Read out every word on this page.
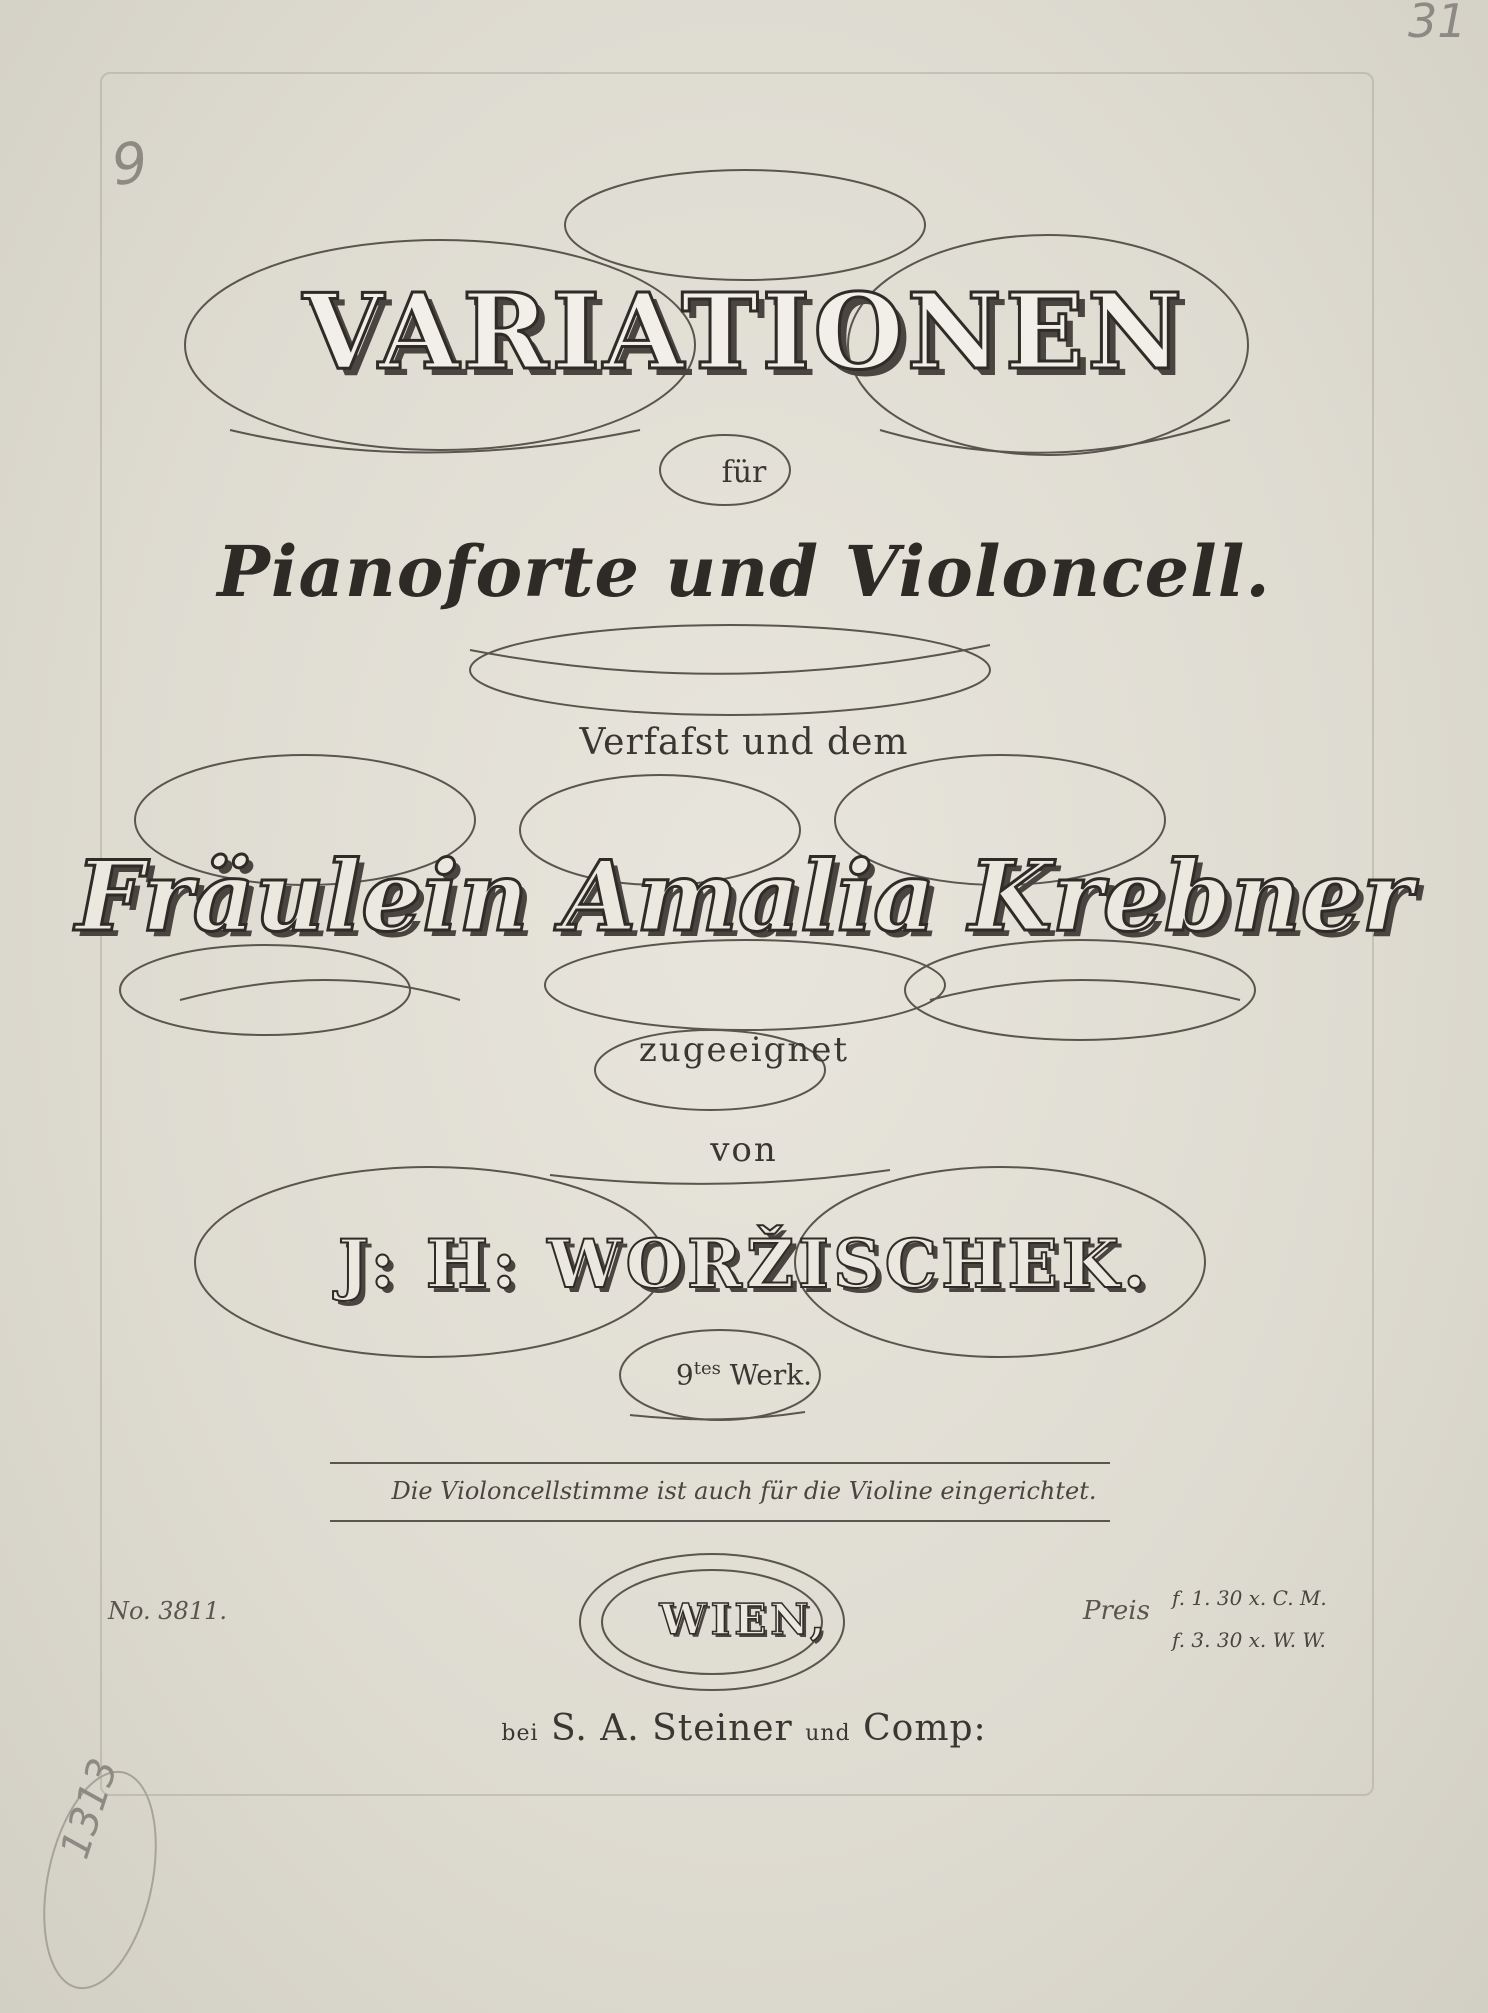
VARIATIONEN
für
Pianoforte und Violoncell.
Verfafst und dem
Fräulein Amalia Krebner
zugeeignet
von
J: H: WORŽISCHEK.
$9^{tes}$ Werk.
Die Violoncellstimme ist auch für die Violine eingerichtet.
No. 3811.	WIEN,	Preis f. 1. 30 x. C. M.
f. 3. 30 x. W. W.
bei S. A. Steiner und Comp:
9
31
1313
